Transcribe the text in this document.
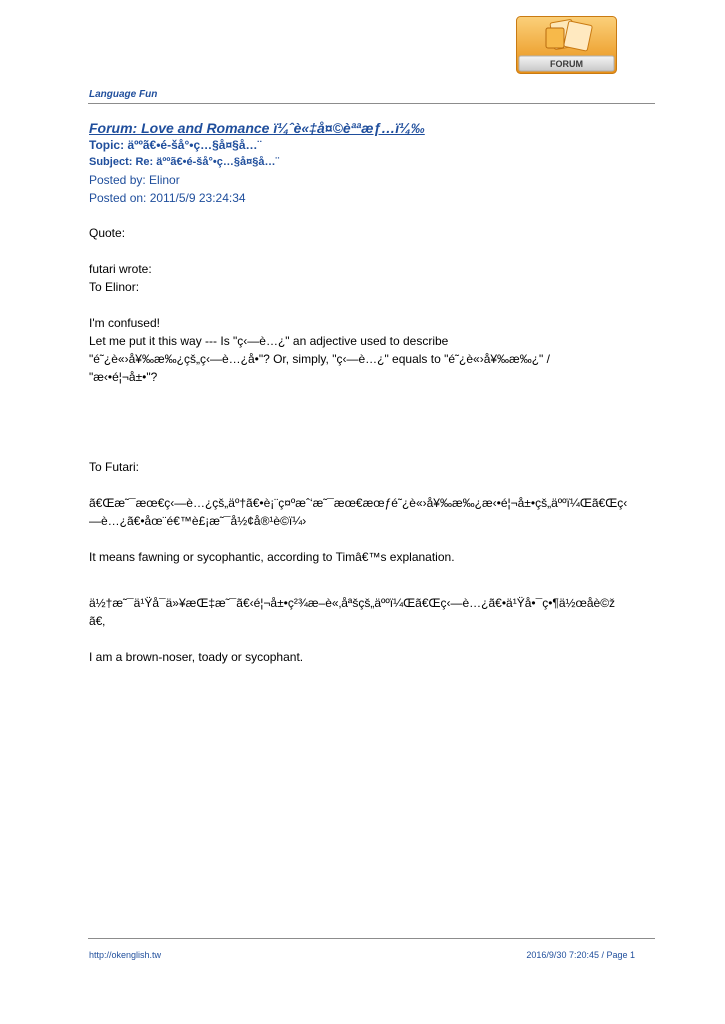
FORUM
Language Fun
Forum: Love and Romance ï¼ˆè«‡å¤©èªªæƒ…ï¼‰
Topic: äººã€•é-šå°•ç…§å¤§å…¨
Subject: Re: äººã€•é-šå°•ç…§å¤§å…¨
Posted by: Elinor
Posted on: 2011/5/9 23:24:34

Quote:

futari wrote:

To Elinor:

I'm confused!

Let me put it this way --- Is "ç‹—è…¿" an adjective used to describe

"é˜¿è«›å¥‰æ‰¿çš„ç‹—è…¿å•"? Or, simply, "ç‹—è…¿" equals to "é˜¿è«›å¥‰æ‰¿" /

"æ‹•é¦¬å±•"?

To Futari:

ã€Œæ˜¯æœ€ç‹—è…¿çš„äº†ã€•è¡¨ç¤ºæˆ‘æ˜¯æœ€æœƒé˜¿è«›å¥‰æ‰¿æ‹•é¦¬å±•çš„äººï¼Œã€Œç‹

—è…¿ã€•åœ¨é€™è£¡æ˜¯å½¢å®¹è©ï¼›

It means fawning or sycophantic, according to Timâ€™s explanation.

ä½†æ˜¯ä¹Ÿå¯ä»¥æŒ‡æ˜¯ã€‹é¦¬å±•ç²¾æ–è«‚åªšçš„äººï¼Œã€Œç‹—è…¿ã€•ä¹Ÿå•¯ç•¶ä½œåè©ž

ã€‚

I am a brown-noser, toady or sycophant.

http://okenglish.tw	2016/9/30 7:20:45 / Page 1
